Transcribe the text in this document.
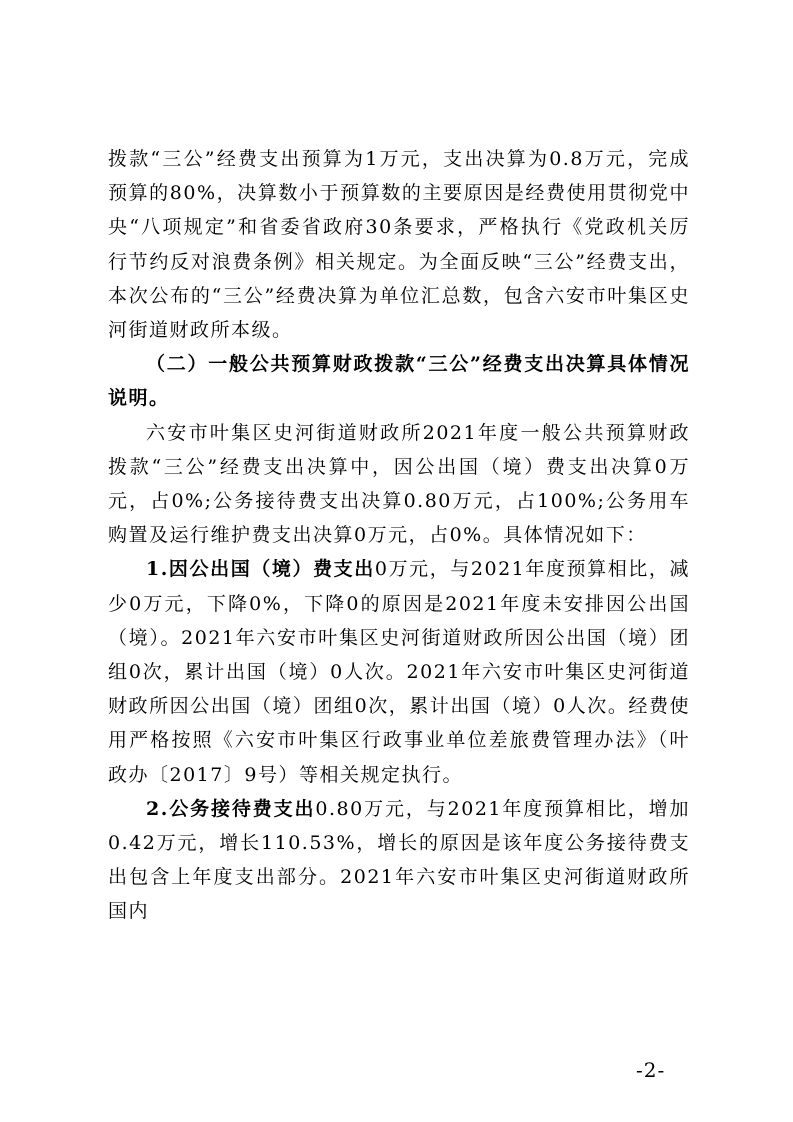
拨款“三公”经费支出预算为1万元，支出决算为0.8万元，完成预算的80%，决算数小于预算数的主要原因是经费使用贯彻党中央“八项规定”和省委省政府30条要求，严格执行《党政机关厉行节约反对浪费条例》相关规定。为全面反映“三公”经费支出，本次公布的“三公”经费决算为单位汇总数，包含六安市叶集区史河街道财政所本级。

（二）一般公共预算财政拨款“三公”经费支出决算具体情况说明。

六安市叶集区史河街道财政所2021年度一般公共预算财政拨款“三公”经费支出决算中，因公出国（境）费支出决算0万元，占0%;公务接待费支出决算0.80万元，占100%;公务用车购置及运行维护费支出决算0万元，占0%。具体情况如下：

1.因公出国（境）费支出0万元，与2021年度预算相比，减少0万元，下降0%，下降0的原因是2021年度未安排因公出国（境）。2021年六安市叶集区史河街道财政所因公出国（境）团组0次，累计出国（境）0人次。2021年六安市叶集区史河街道财政所因公出国（境）团组0次，累计出国（境）0人次。经费使用严格按照《六安市叶集区行政事业单位差旅费管理办法》（叶政办〔2017〕9号）等相关规定执行。

2.公务接待费支出0.80万元，与2021年度预算相比，增加0.42万元，增长110.53%，增长的原因是该年度公务接待费支出包含上年度支出部分。2021年六安市叶集区史河街道财政所国内

-2-
